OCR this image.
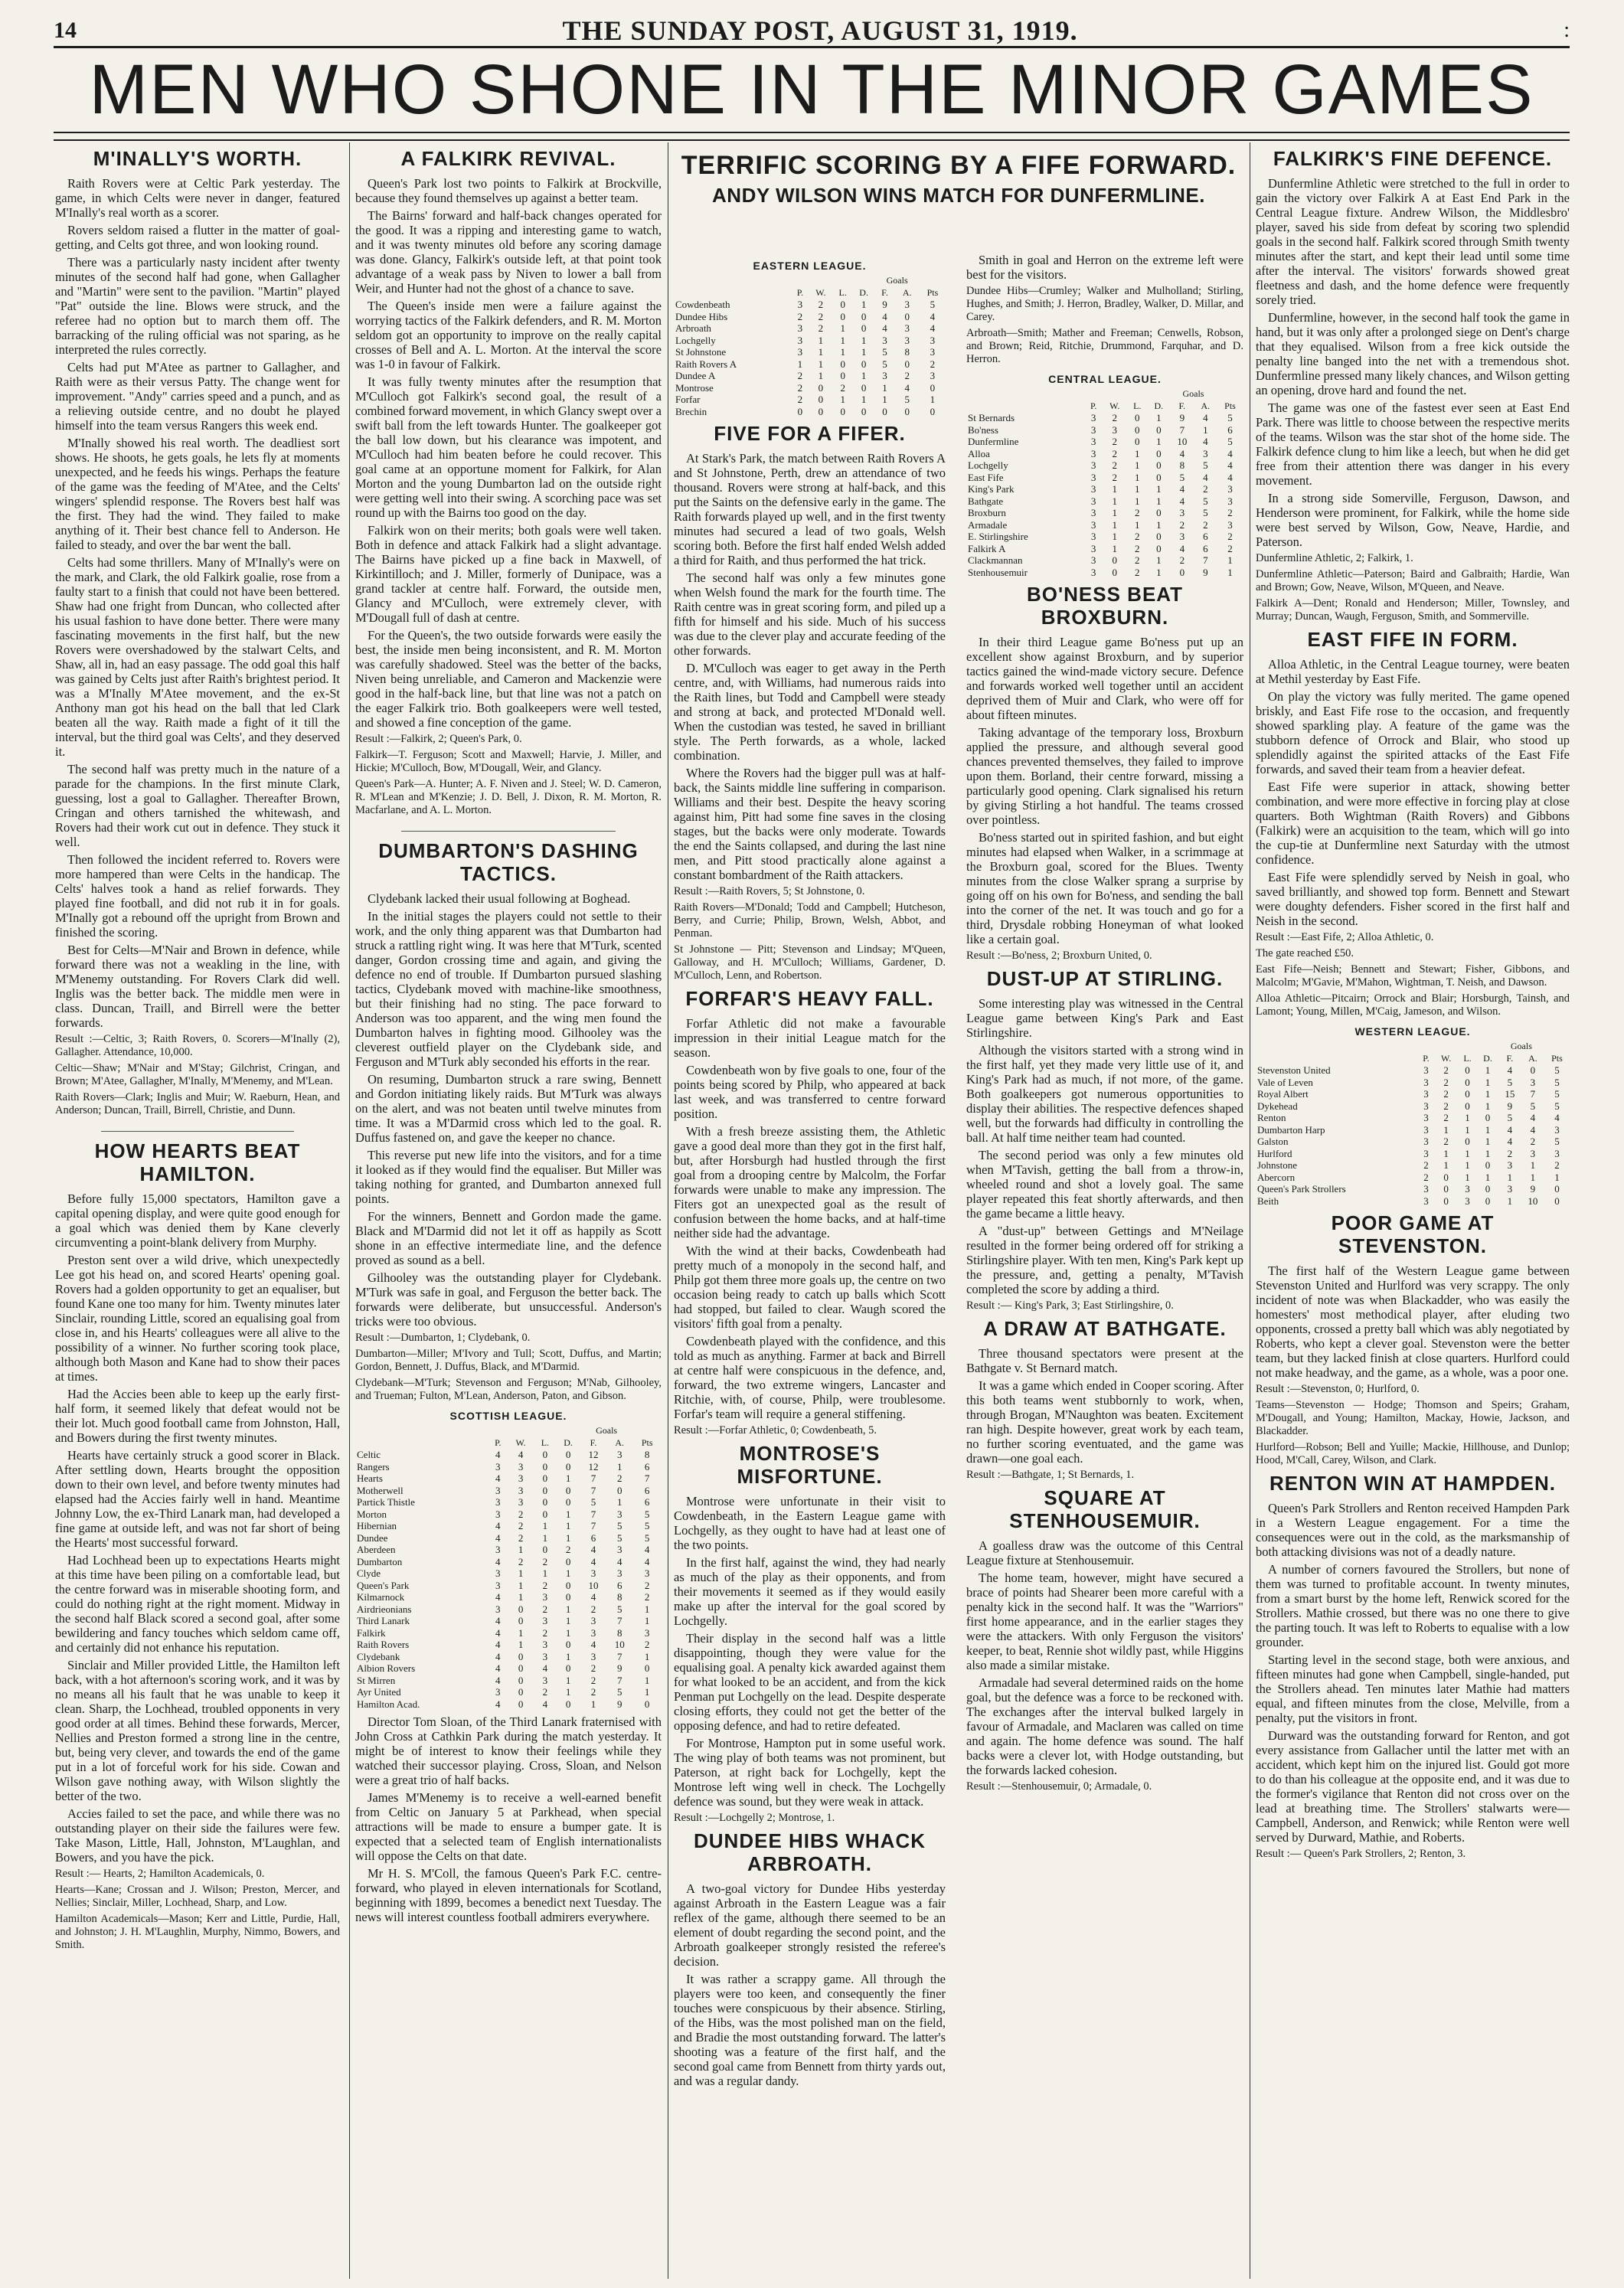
14	THE SUNDAY POST, AUGUST 31, 1919.	:
MEN WHO SHONE IN THE MINOR GAMES
M'INALLY'S WORTH.

Raith Rovers were at Celtic Park yesterday. The game, in which Celts were never in danger, featured M'Inally's real worth as a scorer.

Rovers seldom raised a flutter in the matter of goal-getting, and Celts got three, and won looking round.

There was a particularly nasty incident after twenty minutes of the second half had gone, when Gallagher and "Martin" were sent to the pavilion. "Martin" played "Pat" outside the line. Blows were struck, and the referee had no option but to march them off. The barracking of the ruling official was not sparing, as he interpreted the rules correctly.

Celts had put M'Atee as partner to Gallagher, and Raith were as their versus Patty. The change went for improvement. "Andy" carries speed and a punch, and as a relieving outside centre, and no doubt he played himself into the team versus Rangers this week end.

M'Inally showed his real worth. The deadliest sort shows. He shoots, he gets goals, he lets fly at moments unexpected, and he feeds his wings. Perhaps the feature of the game was the feeding of M'Atee, and the Celts' wingers' splendid response. The Rovers best half was the first. They had the wind. They failed to make anything of it. Their best chance fell to Anderson. He failed to steady, and over the bar went the ball.

Celts had some thrillers. Many of M'Inally's were on the mark, and Clark, the old Falkirk goalie, rose from a faulty start to a finish that could not have been bettered. Shaw had one fright from Duncan, who collected after his usual fashion to have done better. There were many fascinating movements in the first half, but the new Rovers were overshadowed by the stalwart Celts, and Shaw, all in, had an easy passage. The odd goal this half was gained by Celts just after Raith's brightest period. It was a M'Inally M'Atee movement, and the ex-St Anthony man got his head on the ball that led Clark beaten all the way. Raith made a fight of it till the interval, but the third goal was Celts', and they deserved it.

The second half was pretty much in the nature of a parade for the champions. In the first minute Clark, guessing, lost a goal to Gallagher. Thereafter Brown, Cringan and others tarnished the whitewash, and Rovers had their work cut out in defence. They stuck it well.

Then followed the incident referred to. Rovers were more hampered than were Celts in the handicap. The Celts' halves took a hand as relief forwards. They played fine football, and did not rub it in for goals. M'Inally got a rebound off the upright from Brown and finished the scoring.

Best for Celts—M'Nair and Brown in defence, while forward there was not a weakling in the line, with M'Menemy outstanding. For Rovers Clark did well. Inglis was the better back. The middle men were in class. Duncan, Traill, and Birrell were the better forwards.

Result :—Celtic, 3; Raith Rovers, 0. Scorers—M'Inally (2), Gallagher. Attendance, 10,000.

Celtic—Shaw; M'Nair and M'Stay; Gilchrist, Cringan, and Brown; M'Atee, Gallagher, M'Inally, M'Menemy, and M'Lean.

Raith Rovers—Clark; Inglis and Muir; W. Raeburn, Hean, and Anderson; Duncan, Traill, Birrell, Christie, and Dunn.

HOW HEARTS BEAT HAMILTON.

Before fully 15,000 spectators, Hamilton gave a capital opening display, and were quite good enough for a goal which was denied them by Kane cleverly circumventing a point-blank delivery from Murphy.

Preston sent over a wild drive, which unexpectedly Lee got his head on, and scored Hearts' opening goal. Rovers had a golden opportunity to get an equaliser, but found Kane one too many for him. Twenty minutes later Sinclair, rounding Little, scored an equalising goal from close in, and his Hearts' colleagues were all alive to the possibility of a winner. No further scoring took place, although both Mason and Kane had to show their paces at times.

Had the Accies been able to keep up the early first-half form, it seemed likely that defeat would not be their lot. Much good football came from Johnston, Hall, and Bowers during the first twenty minutes.

Hearts have certainly struck a good scorer in Black. After settling down, Hearts brought the opposition down to their own level, and before twenty minutes had elapsed had the Accies fairly well in hand. Meantime Johnny Low, the ex-Third Lanark man, had developed a fine game at outside left, and was not far short of being the Hearts' most successful forward.

Had Lochhead been up to expectations Hearts might at this time have been piling on a comfortable lead, but the centre forward was in miserable shooting form, and could do nothing right at the right moment. Midway in the second half Black scored a second goal, after some bewildering and fancy touches which seldom came off, and certainly did not enhance his reputation.

Sinclair and Miller provided Little, the Hamilton left back, with a hot afternoon's scoring work, and it was by no means all his fault that he was unable to keep it clean. Sharp, the Lochhead, troubled opponents in very good order at all times. Behind these forwards, Mercer, Nellies and Preston formed a strong line in the centre, but, being very clever, and towards the end of the game put in a lot of forceful work for his side. Cowan and Wilson gave nothing away, with Wilson slightly the better of the two.

Accies failed to set the pace, and while there was no outstanding player on their side the failures were few. Take Mason, Little, Hall, Johnston, M'Laughlan, and Bowers, and you have the pick.

Result :— Hearts, 2; Hamilton Academicals, 0.

Hearts—Kane; Crossan and J. Wilson; Preston, Mercer, and Nellies; Sinclair, Miller, Lochhead, Sharp, and Low.

Hamilton Academicals—Mason; Kerr and Little, Purdie, Hall, and Johnston; J. H. M'Laughlin, Murphy, Nimmo, Bowers, and Smith.

A FALKIRK REVIVAL.

Queen's Park lost two points to Falkirk at Brockville, because they found themselves up against a better team.

The Bairns' forward and half-back changes operated for the good. It was a ripping and interesting game to watch, and it was twenty minutes old before any scoring damage was done. Glancy, Falkirk's outside left, at that point took advantage of a weak pass by Niven to lower a ball from Weir, and Hunter had not the ghost of a chance to save.

The Queen's inside men were a failure against the worrying tactics of the Falkirk defenders, and R. M. Morton seldom got an opportunity to improve on the really capital crosses of Bell and A. L. Morton. At the interval the score was 1-0 in favour of Falkirk.

It was fully twenty minutes after the resumption that M'Culloch got Falkirk's second goal, the result of a combined forward movement, in which Glancy swept over a swift ball from the left towards Hunter. The goalkeeper got the ball low down, but his clearance was impotent, and M'Culloch had him beaten before he could recover. This goal came at an opportune moment for Falkirk, for Alan Morton and the young Dumbarton lad on the outside right were getting well into their swing. A scorching pace was set round up with the Bairns too good on the day.

Falkirk won on their merits; both goals were well taken. Both in defence and attack Falkirk had a slight advantage. The Bairns have picked up a fine back in Maxwell, of Kirkintilloch; and J. Miller, formerly of Dunipace, was a grand tackler at centre half. Forward, the outside men, Glancy and M'Culloch, were extremely clever, with M'Dougall full of dash at centre.

For the Queen's, the two outside forwards were easily the best, the inside men being inconsistent, and R. M. Morton was carefully shadowed. Steel was the better of the backs, Niven being unreliable, and Cameron and Mackenzie were good in the half-back line, but that line was not a patch on the eager Falkirk trio. Both goalkeepers were well tested, and showed a fine conception of the game.

Result :—Falkirk, 2; Queen's Park, 0.

Falkirk—T. Ferguson; Scott and Maxwell; Harvie, J. Miller, and Hickie; M'Culloch, Bow, M'Dougall, Weir, and Glancy.

Queen's Park—A. Hunter; A. F. Niven and J. Steel; W. D. Cameron, R. M'Lean and M'Kenzie; J. D. Bell, J. Dixon, R. M. Morton, R. Macfarlane, and A. L. Morton.

DUMBARTON'S DASHING TACTICS.

Clydebank lacked their usual following at Boghead.

In the initial stages the players could not settle to their work, and the only thing apparent was that Dumbarton had struck a rattling right wing. It was here that M'Turk, scented danger, Gordon crossing time and again, and giving the defence no end of trouble. If Dumbarton pursued slashing tactics, Clydebank moved with machine-like smoothness, but their finishing had no sting. The pace forward to Anderson was too apparent, and the wing men found the Dumbarton halves in fighting mood. Gilhooley was the cleverest outfield player on the Clydebank side, and Ferguson and M'Turk ably seconded his efforts in the rear.

On resuming, Dumbarton struck a rare swing, Bennett and Gordon initiating likely raids. But M'Turk was always on the alert, and was not beaten until twelve minutes from time. It was a M'Darmid cross which led to the goal. R. Duffus fastened on, and gave the keeper no chance.

This reverse put new life into the visitors, and for a time it looked as if they would find the equaliser. But Miller was taking nothing for granted, and Dumbarton annexed full points.

For the winners, Bennett and Gordon made the game. Black and M'Darmid did not let it off as happily as Scott shone in an effective intermediate line, and the defence proved as sound as a bell.

Gilhooley was the outstanding player for Clydebank. M'Turk was safe in goal, and Ferguson the better back. The forwards were deliberate, but unsuccessful. Anderson's tricks were too obvious.

Result :—Dumbarton, 1; Clydebank, 0.

Dumbarton—Miller; M'Ivory and Tull; Scott, Duffus, and Martin; Gordon, Bennett, J. Duffus, Black, and M'Darmid.

Clydebank—M'Turk; Stevenson and Ferguson; M'Nab, Gilhooley, and Trueman; Fulton, M'Lean, Anderson, Paton, and Gibson.

SCOTTISH LEAGUE.
					Goals		
	P.	W.	L.	D.	F.	A.	Pts
Celtic	4	4	0	0	12	3	8
Rangers	3	3	0	0	12	1	6
Hearts	4	3	0	1	7	2	7
Motherwell	3	3	0	0	7	0	6
Partick Thistle	3	3	0	0	5	1	6
Morton	3	2	0	1	7	3	5
Hibernian	4	2	1	1	7	5	5
Dundee	4	2	1	1	6	5	5
Aberdeen	3	1	0	2	4	3	4
Dumbarton	4	2	2	0	4	4	4
Clyde	3	1	1	1	3	3	3
Queen's Park	3	1	2	0	10	6	2
Kilmarnock	4	1	3	0	4	8	2
Airdrieonians	3	0	2	1	2	5	1
Third Lanark	4	0	3	1	3	7	1
Falkirk	4	1	2	1	3	8	3
Raith Rovers	4	1	3	0	4	10	2
Clydebank	4	0	3	1	3	7	1
Albion Rovers	4	0	4	0	2	9	0
St Mirren	4	0	3	1	2	7	1
Ayr United	3	0	2	1	2	5	1
Hamilton Acad.	4	0	4	0	1	9	0

Director Tom Sloan, of the Third Lanark fraternised with John Cross at Cathkin Park during the match yesterday. It might be of interest to know their feelings while they watched their successor playing. Cross, Sloan, and Nelson were a great trio of half backs.

James M'Menemy is to receive a well-earned benefit from Celtic on January 5 at Parkhead, when special attractions will be made to ensure a bumper gate. It is expected that a selected team of English internationalists will oppose the Celts on that date.

Mr H. S. M'Coll, the famous Queen's Park F.C. centre-forward, who played in eleven internationals for Scotland, beginning with 1899, becomes a benedict next Tuesday. The news will interest countless football admirers everywhere.

TERRIFIC SCORING BY A FIFE FORWARD.
ANDY WILSON WINS MATCH FOR DUNFERMLINE.
EASTERN LEAGUE.
					Goals		
	P.	W.	L.	D.	F.	A.	Pts
Cowdenbeath	3	2	0	1	9	3	5
Dundee Hibs	2	2	0	0	4	0	4
Arbroath	3	2	1	0	4	3	4
Lochgelly	3	1	1	1	3	3	3
St Johnstone	3	1	1	1	5	8	3
Raith Rovers A	1	1	0	0	5	0	2
Dundee A	2	1	0	1	3	2	3
Montrose	2	0	2	0	1	4	0
Forfar	2	0	1	1	1	5	1
Brechin	0	0	0	0	0	0	0
FIVE FOR A FIFER.

At Stark's Park, the match between Raith Rovers A and St Johnstone, Perth, drew an attendance of two thousand. Rovers were strong at half-back, and this put the Saints on the defensive early in the game. The Raith forwards played up well, and in the first twenty minutes had secured a lead of two goals, Welsh scoring both. Before the first half ended Welsh added a third for Raith, and thus performed the hat trick.

The second half was only a few minutes gone when Welsh found the mark for the fourth time. The Raith centre was in great scoring form, and piled up a fifth for himself and his side. Much of his success was due to the clever play and accurate feeding of the other forwards.

D. M'Culloch was eager to get away in the Perth centre, and, with Williams, had numerous raids into the Raith lines, but Todd and Campbell were steady and strong at back, and protected M'Donald well. When the custodian was tested, he saved in brilliant style. The Perth forwards, as a whole, lacked combination.

Where the Rovers had the bigger pull was at half-back, the Saints middle line suffering in comparison. Williams and their best. Despite the heavy scoring against him, Pitt had some fine saves in the closing stages, but the backs were only moderate. Towards the end the Saints collapsed, and during the last nine men, and Pitt stood practically alone against a constant bombardment of the Raith attackers.

Result :—Raith Rovers, 5; St Johnstone, 0.

Raith Rovers—M'Donald; Todd and Campbell; Hutcheson, Berry, and Currie; Philip, Brown, Welsh, Abbot, and Penman.

St Johnstone — Pitt; Stevenson and Lindsay; M'Queen, Galloway, and H. M'Culloch; Williams, Gardener, D. M'Culloch, Lenn, and Robertson.

FORFAR'S HEAVY FALL.

Forfar Athletic did not make a favourable impression in their initial League match for the season.

Cowdenbeath won by five goals to one, four of the points being scored by Philp, who appeared at back last week, and was transferred to centre forward position.

With a fresh breeze assisting them, the Athletic gave a good deal more than they got in the first half, but, after Horsburgh had hustled through the first goal from a drooping centre by Malcolm, the Forfar forwards were unable to make any impression. The Fiters got an unexpected goal as the result of confusion between the home backs, and at half-time neither side had the advantage.

With the wind at their backs, Cowdenbeath had pretty much of a monopoly in the second half, and Philp got them three more goals up, the centre on two occasion being ready to catch up balls which Scott had stopped, but failed to clear. Waugh scored the visitors' fifth goal from a penalty.

Cowdenbeath played with the confidence, and this told as much as anything. Farmer at back and Birrell at centre half were conspicuous in the defence, and, forward, the two extreme wingers, Lancaster and Ritchie, with, of course, Philp, were troublesome. Forfar's team will require a general stiffening.

Result :—Forfar Athletic, 0; Cowdenbeath, 5.

MONTROSE'S MISFORTUNE.

Montrose were unfortunate in their visit to Cowdenbeath, in the Eastern League game with Lochgelly, as they ought to have had at least one of the two points.

In the first half, against the wind, they had nearly as much of the play as their opponents, and from their movements it seemed as if they would easily make up after the interval for the goal scored by Lochgelly.

Their display in the second half was a little disappointing, though they were value for the equalising goal. A penalty kick awarded against them for what looked to be an accident, and from the kick Penman put Lochgelly on the lead. Despite desperate closing efforts, they could not get the better of the opposing defence, and had to retire defeated.

For Montrose, Hampton put in some useful work. The wing play of both teams was not prominent, but Paterson, at right back for Lochgelly, kept the Montrose left wing well in check. The Lochgelly defence was sound, but they were weak in attack.

Result :—Lochgelly 2; Montrose, 1.

DUNDEE HIBS WHACK ARBROATH.

A two-goal victory for Dundee Hibs yesterday against Arbroath in the Eastern League was a fair reflex of the game, although there seemed to be an element of doubt regarding the second point, and the Arbroath goalkeeper strongly resisted the referee's decision.

It was rather a scrappy game. All through the players were too keen, and consequently the finer touches were conspicuous by their absence. Stirling, of the Hibs, was the most polished man on the field, and Bradie the most outstanding forward. The latter's shooting was a feature of the first half, and the second goal came from Bennett from thirty yards out, and was a regular dandy.

Smith in goal and Herron on the extreme left were best for the visitors.

Dundee Hibs—Crumley; Walker and Mulholland; Stirling, Hughes, and Smith; J. Herron, Bradley, Walker, D. Millar, and Carey.

Arbroath—Smith; Mather and Freeman; Cenwells, Robson, and Brown; Reid, Ritchie, Drummond, Farquhar, and D. Herron.

CENTRAL LEAGUE.
					Goals		
	P.	W.	L.	D.	F.	A.	Pts
St Bernards	3	2	0	1	9	4	5
Bo'ness	3	3	0	0	7	1	6
Dunfermline	3	2	0	1	10	4	5
Alloa	3	2	1	0	4	3	4
Lochgelly	3	2	1	0	8	5	4
East Fife	3	2	1	0	5	4	4
King's Park	3	1	1	1	4	2	3
Bathgate	3	1	1	1	4	5	3
Broxburn	3	1	2	0	3	5	2
Armadale	3	1	1	1	2	2	3
E. Stirlingshire	3	1	2	0	3	6	2
Falkirk A	3	1	2	0	4	6	2
Clackmannan	3	0	2	1	2	7	1
Stenhousemuir	3	0	2	1	0	9	1
BO'NESS BEAT BROXBURN.

In their third League game Bo'ness put up an excellent show against Broxburn, and by superior tactics gained the wind-made victory secure. Defence and forwards worked well together until an accident deprived them of Muir and Clark, who were off for about fifteen minutes.

Taking advantage of the temporary loss, Broxburn applied the pressure, and although several good chances prevented themselves, they failed to improve upon them. Borland, their centre forward, missing a particularly good opening. Clark signalised his return by giving Stirling a hot handful. The teams crossed over pointless.

Bo'ness started out in spirited fashion, and but eight minutes had elapsed when Walker, in a scrimmage at the Broxburn goal, scored for the Blues. Twenty minutes from the close Walker sprang a surprise by going off on his own for Bo'ness, and sending the ball into the corner of the net. It was touch and go for a third, Drysdale robbing Honeyman of what looked like a certain goal.

Result :—Bo'ness, 2; Broxburn United, 0.

DUST-UP AT STIRLING.

Some interesting play was witnessed in the Central League game between King's Park and East Stirlingshire.

Although the visitors started with a strong wind in the first half, yet they made very little use of it, and King's Park had as much, if not more, of the game. Both goalkeepers got numerous opportunities to display their abilities. The respective defences shaped well, but the forwards had difficulty in controlling the ball. At half time neither team had counted.

The second period was only a few minutes old when M'Tavish, getting the ball from a throw-in, wheeled round and shot a lovely goal. The same player repeated this feat shortly afterwards, and then the game became a little heavy.

A "dust-up" between Gettings and M'Neilage resulted in the former being ordered off for striking a Stirlingshire player. With ten men, King's Park kept up the pressure, and, getting a penalty, M'Tavish completed the score by adding a third.

Result :— King's Park, 3; East Stirlingshire, 0.

A DRAW AT BATHGATE.

Three thousand spectators were present at the Bathgate v. St Bernard match.

It was a game which ended in Cooper scoring. After this both teams went stubbornly to work, when, through Brogan, M'Naughton was beaten. Excitement ran high. Despite however, great work by each team, no further scoring eventuated, and the game was drawn—one goal each.

Result :—Bathgate, 1; St Bernards, 1.

SQUARE AT STENHOUSEMUIR.

A goalless draw was the outcome of this Central League fixture at Stenhousemuir.

The home team, however, might have secured a brace of points had Shearer been more careful with a penalty kick in the second half. It was the "Warriors" first home appearance, and in the earlier stages they were the attackers. With only Ferguson the visitors' keeper, to beat, Rennie shot wildly past, while Higgins also made a similar mistake.

Armadale had several determined raids on the home goal, but the defence was a force to be reckoned with. The exchanges after the interval bulked largely in favour of Armadale, and Maclaren was called on time and again. The home defence was sound. The half backs were a clever lot, with Hodge outstanding, but the forwards lacked cohesion.

Result :—Stenhousemuir, 0; Armadale, 0.

FALKIRK'S FINE DEFENCE.

Dunfermline Athletic were stretched to the full in order to gain the victory over Falkirk A at East End Park in the Central League fixture. Andrew Wilson, the Middlesbro' player, saved his side from defeat by scoring two splendid goals in the second half. Falkirk scored through Smith twenty minutes after the start, and kept their lead until some time after the interval. The visitors' forwards showed great fleetness and dash, and the home defence were frequently sorely tried.

Dunfermline, however, in the second half took the game in hand, but it was only after a prolonged siege on Dent's charge that they equalised. Wilson from a free kick outside the penalty line banged into the net with a tremendous shot. Dunfermline pressed many likely chances, and Wilson getting an opening, drove hard and found the net.

The game was one of the fastest ever seen at East End Park. There was little to choose between the respective merits of the teams. Wilson was the star shot of the home side. The Falkirk defence clung to him like a leech, but when he did get free from their attention there was danger in his every movement.

In a strong side Somerville, Ferguson, Dawson, and Henderson were prominent, for Falkirk, while the home side were best served by Wilson, Gow, Neave, Hardie, and Paterson.

Dunfermline Athletic, 2; Falkirk, 1.

Dunfermline Athletic—Paterson; Baird and Galbraith; Hardie, Wan and Brown; Gow, Neave, Wilson, M'Queen, and Neave.

Falkirk A—Dent; Ronald and Henderson; Miller, Townsley, and Murray; Duncan, Waugh, Ferguson, Smith, and Sommerville.

EAST FIFE IN FORM.

Alloa Athletic, in the Central League tourney, were beaten at Methil yesterday by East Fife.

On play the victory was fully merited. The game opened briskly, and East Fife rose to the occasion, and frequently showed sparkling play. A feature of the game was the stubborn defence of Orrock and Blair, who stood up splendidly against the spirited attacks of the East Fife forwards, and saved their team from a heavier defeat.

East Fife were superior in attack, showing better combination, and were more effective in forcing play at close quarters. Both Wightman (Raith Rovers) and Gibbons (Falkirk) were an acquisition to the team, which will go into the cup-tie at Dunfermline next Saturday with the utmost confidence.

East Fife were splendidly served by Neish in goal, who saved brilliantly, and showed top form. Bennett and Stewart were doughty defenders. Fisher scored in the first half and Neish in the second.

Result :—East Fife, 2; Alloa Athletic, 0.

The gate reached £50.

East Fife—Neish; Bennett and Stewart; Fisher, Gibbons, and Malcolm; M'Gavie, M'Mahon, Wightman, T. Neish, and Dawson.

Alloa Athletic—Pitcairn; Orrock and Blair; Horsburgh, Tainsh, and Lamont; Young, Millen, M'Caig, Jameson, and Wilson.

WESTERN LEAGUE.
					Goals		
	P.	W.	L.	D.	F.	A.	Pts
Stevenston United	3	2	0	1	4	0	5
Vale of Leven	3	2	0	1	5	3	5
Royal Albert	3	2	0	1	15	7	5
Dykehead	3	2	0	1	9	5	5
Renton	3	2	1	0	5	4	4
Dumbarton Harp	3	1	1	1	4	4	3
Galston	3	2	0	1	4	2	5
Hurlford	3	1	1	1	2	3	3
Johnstone	2	1	1	0	3	1	2
Abercorn	2	0	1	1	1	1	1
Queen's Park Strollers	3	0	3	0	3	9	0
Beith	3	0	3	0	1	10	0
POOR GAME AT STEVENSTON.

The first half of the Western League game between Stevenston United and Hurlford was very scrappy. The only incident of note was when Blackadder, who was easily the homesters' most methodical player, after eluding two opponents, crossed a pretty ball which was ably negotiated by Roberts, who kept a clever goal. Stevenston were the better team, but they lacked finish at close quarters. Hurlford could not make headway, and the game, as a whole, was a poor one.

Result :—Stevenston, 0; Hurlford, 0.

Teams—Stevenston — Hodge; Thomson and Speirs; Graham, M'Dougall, and Young; Hamilton, Mackay, Howie, Jackson, and Blackadder.

Hurlford—Robson; Bell and Yuille; Mackie, Hillhouse, and Dunlop; Hood, M'Call, Carey, Wilson, and Clark.

RENTON WIN AT HAMPDEN.

Queen's Park Strollers and Renton received Hampden Park in a Western League engagement. For a time the consequences were out in the cold, as the marksmanship of both attacking divisions was not of a deadly nature.

A number of corners favoured the Strollers, but none of them was turned to profitable account. In twenty minutes, from a smart burst by the home left, Renwick scored for the Strollers. Mathie crossed, but there was no one there to give the parting touch. It was left to Roberts to equalise with a low grounder.

Starting level in the second stage, both were anxious, and fifteen minutes had gone when Campbell, single-handed, put the Strollers ahead. Ten minutes later Mathie had matters equal, and fifteen minutes from the close, Melville, from a penalty, put the visitors in front.

Durward was the outstanding forward for Renton, and got every assistance from Gallacher until the latter met with an accident, which kept him on the injured list. Gould got more to do than his colleague at the opposite end, and it was due to the former's vigilance that Renton did not cross over on the lead at breathing time. The Strollers' stalwarts were—Campbell, Anderson, and Renwick; while Renton were well served by Durward, Mathie, and Roberts.

Result :— Queen's Park Strollers, 2; Renton, 3.
